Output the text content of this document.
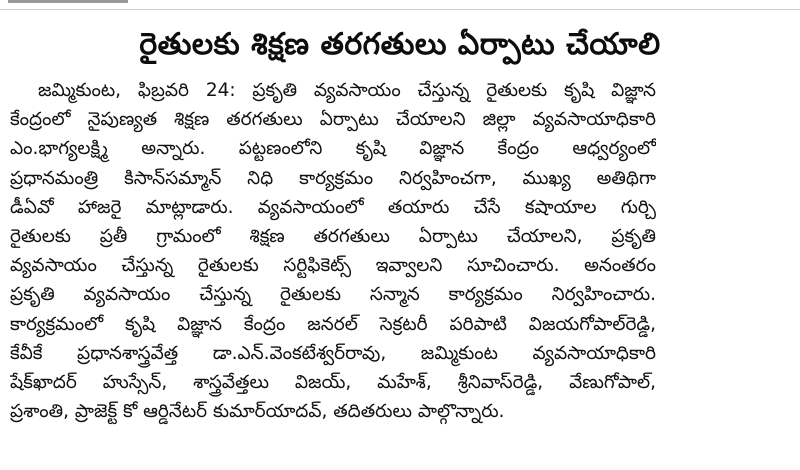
రైతులకు శిక్షణ తరగతులు ఏర్పాటు చేయాలి
జమ్మికుంట, ఫిబ్రవరి 24: ప్రకృతి వ్యవసాయం చేస్తున్న రైతులకు కృషి విజ్ఞాన
కేంద్రంలో నైపుణ్యత శిక్షణ తరగతులు ఏర్పాటు చేయాలని జిల్లా వ్యవసాయాధికారి
ఎం.భాగ్యలక్ష్మి అన్నారు. పట్టణంలోని కృషి విజ్ఞాన కేంద్రం ఆధ్వర్యంలో
ప్రధానమంత్రి కిసాన్‌సమ్మాన్ నిధి కార్యక్రమం నిర్వహించగా, ముఖ్య అతిథిగా
డీఏవో హాజరై మాట్లాడారు. వ్యవసాయంలో తయారు చేసే కషాయాల గుర్చి
రైతులకు ప్రతీ గ్రామంలో శిక్షణ తరగతులు ఏర్పాటు చేయాలని, ప్రకృతి
వ్యవసాయం చేస్తున్న రైతులకు సర్టిఫికెట్స్ ఇవ్వాలని సూచించారు. అనంతరం
ప్రకృతి వ్యవసాయం చేస్తున్న రైతులకు సన్మాన కార్యక్రమం నిర్వహించారు.
కార్యక్రమంలో కృషి విజ్ఞాన కేంద్రం జనరల్ సెక్రటరీ పరిపాటి విజయగోపాల్‌రెడ్డి,
కేవీకే ప్రధానశాస్త్రవేత్త డా.ఎన్.వెంకటేశ్వర్‌రావు, జమ్మికుంట వ్యవసాయాధికారి
షేక్‌ఖాదర్ హుస్సేన్, శాస్త్రవేత్తలు విజయ్, మహేశ్, శ్రీనివాస్‌రెడ్డి, వేణుగోపాల్,
ప్రశాంతి, ప్రాజెక్ట్ కో ఆర్డినేటర్ కుమార్‌యాదవ్, తదితరులు పాల్గొన్నారు.
